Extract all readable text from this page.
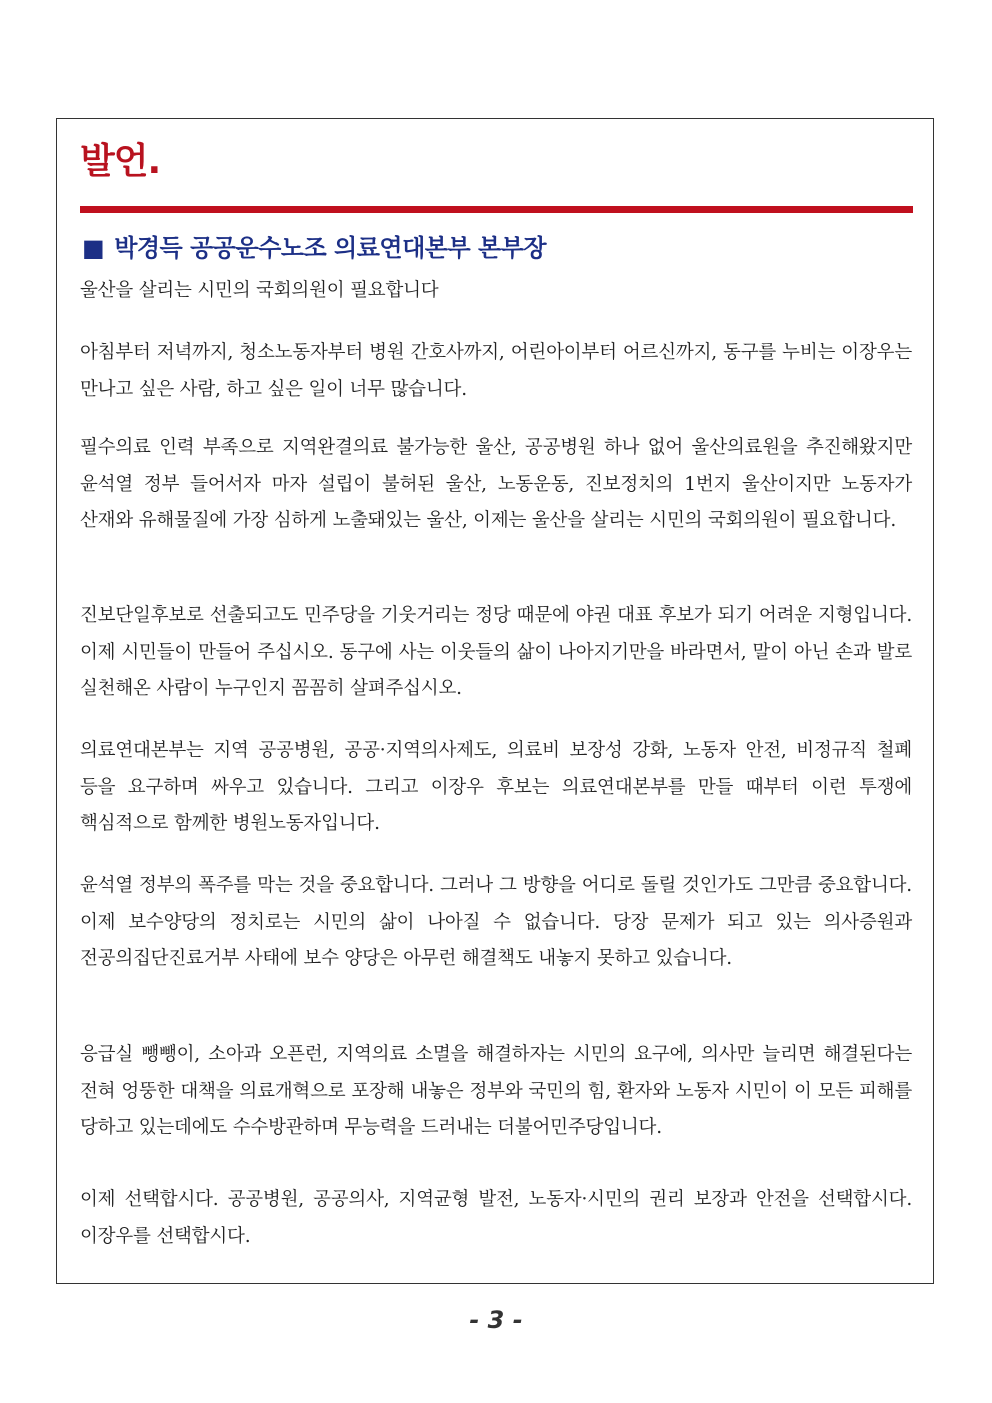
발언.
■ 박경득 공공운수노조 의료연대본부 본부장

울산을 살리는 시민의 국회의원이 필요합니다

아침부터 저녁까지, 청소노동자부터 병원 간호사까지, 어린아이부터 어르신까지, 동구를 누비는 이장우는 만나고 싶은 사람, 하고 싶은 일이 너무 많습니다.

필수의료 인력 부족으로 지역완결의료 불가능한 울산, 공공병원 하나 없어 울산의료원을 추진해왔지만 윤석열 정부 들어서자 마자 설립이 불허된 울산, 노동운동, 진보정치의 1번지 울산이지만 노동자가 산재와 유해물질에 가장 심하게 노출돼있는 울산, 이제는 울산을 살리는 시민의 국회의원이 필요합니다.

진보단일후보로 선출되고도 민주당을 기웃거리는 정당 때문에 야권 대표 후보가 되기 어려운 지형입니다. 이제 시민들이 만들어 주십시오. 동구에 사는 이웃들의 삶이 나아지기만을 바라면서, 말이 아닌 손과 발로 실천해온 사람이 누구인지 꼼꼼히 살펴주십시오.

의료연대본부는 지역 공공병원, 공공·지역의사제도, 의료비 보장성 강화, 노동자 안전, 비정규직 철폐 등을 요구하며 싸우고 있습니다. 그리고 이장우 후보는 의료연대본부를 만들 때부터 이런 투쟁에 핵심적으로 함께한 병원노동자입니다.

윤석열 정부의 폭주를 막는 것을 중요합니다. 그러나 그 방향을 어디로 돌릴 것인가도 그만큼 중요합니다. 이제 보수양당의 정치로는 시민의 삶이 나아질 수 없습니다. 당장 문제가 되고 있는 의사증원과 전공의집단진료거부 사태에 보수 양당은 아무런 해결책도 내놓지 못하고 있습니다.

응급실 뺑뺑이, 소아과 오픈런, 지역의료 소멸을 해결하자는 시민의 요구에, 의사만 늘리면 해결된다는 전혀 엉뚱한 대책을 의료개혁으로 포장해 내놓은 정부와 국민의 힘, 환자와 노동자 시민이 이 모든 피해를 당하고 있는데에도 수수방관하며 무능력을 드러내는 더불어민주당입니다.

이제 선택합시다. 공공병원, 공공의사, 지역균형 발전, 노동자·시민의 권리 보장과 안전을 선택합시다. 이장우를 선택합시다.

- 3 -
